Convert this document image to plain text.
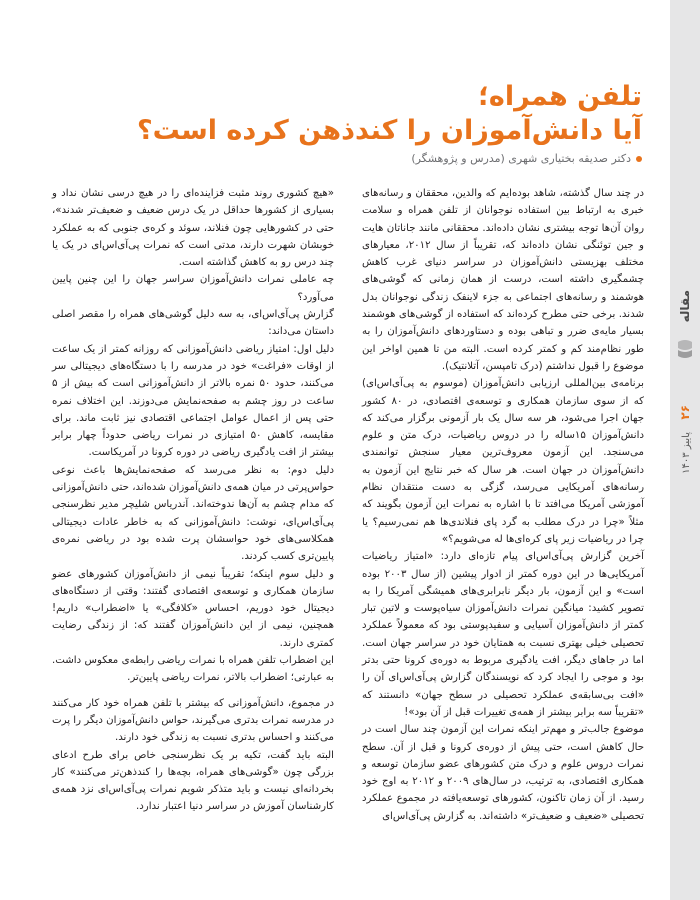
مقاله
۲۶
پاییز ۱۴۰۳
تلفن همراه؛
آیا دانش‌آموزان را کندذهن کرده است؟
دکتر صدیقه بختیاری شهری (مدرس و پژوهشگر)

در چند سال گذشته، شاهد بوده‌ایم که والدین، محققان و رسانه‌های خبری به ارتباط بین استفاده نوجوانان از تلفن همراه و سلامت روان آن‌ها توجه بیشتری نشان داده‌اند. محققانی مانند جاناتان هایت و جین توئنگی نشان داده‌اند که، تقریباً از سال ۲۰۱۲، معیارهای مختلف بهزیستی دانش‌آموزان در سراسر دنیای غرب کاهش چشمگیری داشته است، درست از همان زمانی که گوشی‌های هوشمند و رسانه‌های اجتماعی به جزء لاینفک زندگی نوجوانان بدل شدند. برخی حتی مطرح کرده‌اند که استفاده از گوشی‌های هوشمند بسیار مایه‌ی ضرر و تباهی بوده و دستاوردهای دانش‌آموزان را به طور نظام‌مند کم و کمتر کرده است. البته من تا همین اواخر این موضوع را قبول نداشتم (درک تامپسن، آتلانتیک).

برنامه‌ی بین‌المللی ارزیابی دانش‌آموزان (موسوم به پی‌آی‌اس‌ای) که از سوی سازمان همکاری و توسعه‌ی اقتصادی، در ۸۰ کشور جهان اجرا می‌شود، هر سه سال یک بار آزمونی برگزار می‌کند که دانش‌آموزان ۱۵ساله را در دروس ریاضیات، درک متن و علوم می‌سنجد. این آزمون معروف‌ترین معیار سنجش توانمندی دانش‌آموزان در جهان است. هر سال که خبر نتایج این آزمون به رسانه‌های آمریکایی می‌رسد، گزگی به دست منتقدان نظام آموزشی آمریکا می‌افتد تا با اشاره به نمرات این آزمون بگویند که مثلاً «چرا در درک مطلب به گرد پای فنلاندی‌ها هم نمی‌رسیم؟ یا چرا در ریاضیات زیر پای کره‌ای‌ها له می‌شویم؟»

آخرین گزارش پی‌آی‌اس‌ای پیام تازه‌ای دارد: «امتیاز ریاضیات آمریکایی‌ها در این دوره کمتر از ادوار پیشین (از سال ۲۰۰۳ بوده است» و این آزمون، بار دیگر نابرابری‌های همیشگی آمریکا را به تصویر کشید: میانگین نمرات دانش‌آموزان سیاه‌پوست و لاتین تبار کمتر از دانش‌آموزان آسیایی و سفیدپوستی بود که معمولاً عملکرد تحصیلی خیلی بهتری نسبت به همتایان خود در سراسر جهان است. اما در جاهای دیگر، افت یادگیری مربوط به دوره‌ی کرونا حتی بدتر بود و موجی را ایجاد کرد که نویسندگان گزارش پی‌آی‌اس‌ای آن را «افت بی‌سابقه‌ی عملکرد تحصیلی در سطح جهان» دانستند که «تقریباً سه برابر بیشتر از همه‌ی تغییرات قبل از آن بود»!

موضوع جالب‌تر و مهم‌تر اینکه نمرات این آزمون چند سال است در حال کاهش است، حتی پیش از دوره‌ی کرونا و قبل از آن. سطح نمرات دروس علوم و درک متن کشورهای عضو سازمان توسعه و همکاری اقتصادی، به ترتیب، در سال‌های ۲۰۰۹ و ۲۰۱۲ به اوج خود رسید. از آن زمان تاکنون، کشورهای توسعه‌یافته در مجموع عملکرد تحصیلی «ضعیف و ضعیف‌تر» داشته‌اند. به گزارش پی‌آی‌اس‌ای

«هیچ کشوری روند مثبت فزاینده‌ای را در هیچ درسی نشان نداد و بسیاری از کشورها حداقل در یک درس ضعیف و ضعیف‌تر شدند»، حتی در کشورهایی چون فنلاند، سوئد و کره‌ی جنوبی که به عملکرد خوبشان شهرت دارند، مدتی است که نمرات پی‌آی‌اس‌ای در یک یا چند درس رو به کاهش گذاشته است.

چه عاملی نمرات دانش‌آموزان سراسر جهان را این چنین پایین می‌آورد؟

گزارش پی‌آی‌اس‌ای، به سه دلیل گوشی‌های همراه را مقصر اصلی داستان می‌داند:

دلیل اول: امتیاز ریاضی دانش‌آموزانی که روزانه کمتر از یک ساعت از اوقات «فراغت» خود در مدرسه را با دستگاه‌های دیجیتالی سر می‌کنند، حدود ۵۰ نمره بالاتر از دانش‌آموزانی است که بیش از ۵ ساعت در روز چشم به صفحه‌نمایش می‌دوزند. این اختلاف نمره حتی پس از اعمال عوامل اجتماعی اقتصادی نیز ثابت ماند. برای مقایسه، کاهش ۵۰ امتیازی در نمرات ریاضی حدوداً چهار برابر بیشتر از افت یادگیری ریاضی در دوره کرونا در آمریکاست.

دلیل دوم: به نظر می‌رسد که صفحه‌نمایش‌ها باعث نوعی حواس‌پرتی در میان همه‌ی دانش‌آموزان شده‌اند، حتی دانش‌آموزانی که مدام چشم به آن‌ها ندوخته‌اند. آندریاس شلیچر مدیر نظرسنجی پی‌آی‌اس‌ای، نوشت: دانش‌آموزانی که به خاطر عادات دیجیتالی همکلاسی‌های خود حواسشان پرت شده بود در ریاضی نمره‌ی پایین‌تری کسب کردند.

و دلیل سوم اینکه؛ تقریباً نیمی از دانش‌آموزان کشورهای عضو سازمان همکاری و توسعه‌ی اقتصادی گفتند: وقتی از دستگاه‌های دیجیتال خود دوریم، احساس «کلافگی» یا «اضطراب» داریم! همچنین، نیمی از این دانش‌آموزان گفتند که: از زندگی رضایت کمتری دارند.

این اضطراب تلفن همراه با نمرات ریاضی رابطه‌ی معکوس داشت. به عبارتی؛ اضطراب بالاتر، نمرات ریاضی پایین‌تر.

در مجموع، دانش‌آموزانی که بیشتر با تلفن همراه خود کار می‌کنند در مدرسه نمرات بدتری می‌گیرند، حواس دانش‌آموزان دیگر را پرت می‌کنند و احساس بدتری نسبت به زندگی خود دارند.

البته باید گفت، تکیه بر یک نظرسنجی خاص برای طرح ادعای بزرگی چون «گوشی‌های همراه، بچه‌ها را کندذهن‌تر می‌کنند» کار بخردانه‌ای نیست و باید متذکر شویم نمرات پی‌آی‌اس‌ای نزد همه‌ی کارشناسان آموزش در سراسر دنیا اعتبار ندارد.
